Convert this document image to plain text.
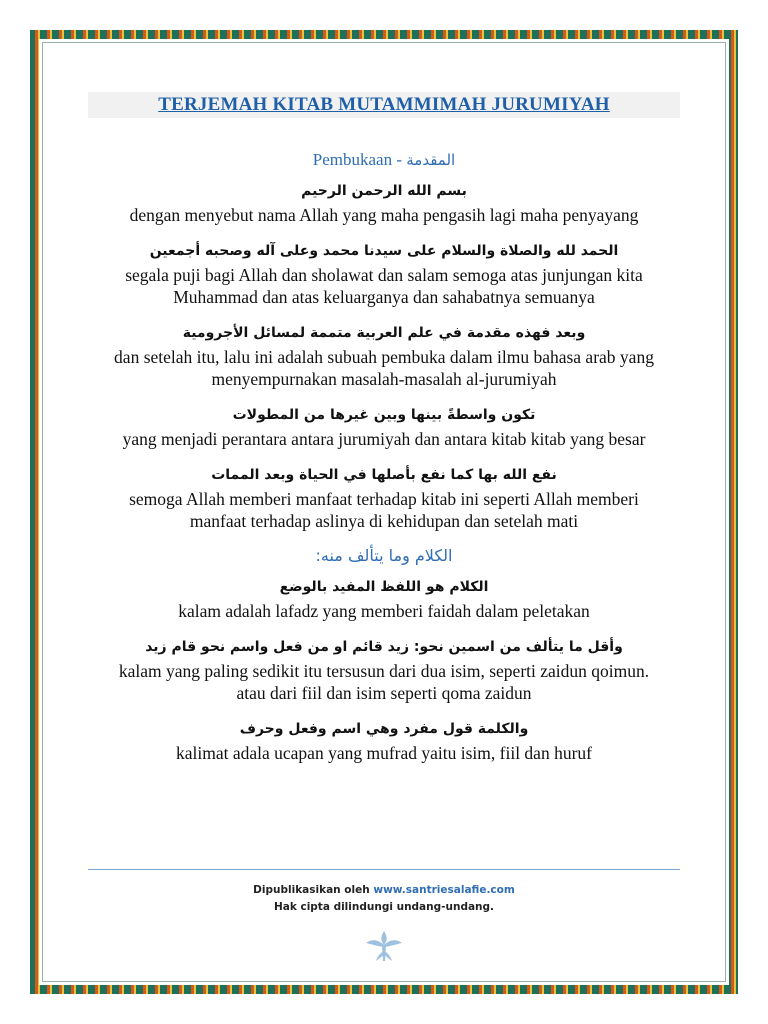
TERJEMAH KITAB MUTAMMIMAH JURUMIYAH
Pembukaan - المقدمة
بسم الله الرحمن الرحيم
dengan menyebut nama Allah yang maha pengasih lagi maha penyayang
الحمد لله والصلاة والسلام على سيدنا محمد وعلى آله وصحبه أجمعين
segala puji bagi Allah dan sholawat dan salam semoga atas junjungan kita
Muhammad dan atas keluarganya dan sahabatnya semuanya
وبعد فهذه مقدمة في علم العربية متممة لمسائل الأجرومية
dan setelah itu, lalu ini adalah subuah pembuka dalam ilmu bahasa arab yang
menyempurnakan masalah-masalah al-jurumiyah
تكون واسطةً بينها وبين غيرها من المطولات
yang menjadi perantara antara jurumiyah dan antara kitab kitab yang besar
نفع الله بها كما نفع بأصلها في الحياة وبعد الممات
semoga Allah memberi manfaat terhadap kitab ini seperti Allah memberi
manfaat terhadap aslinya di kehidupan dan setelah mati
الكلام وما يتألف منه:
الكلام هو اللفظ المفيد بالوضع
kalam adalah lafadz yang memberi faidah dalam peletakan
وأقل ما يتألف من اسمين نحو: زيد قائم او من فعل واسم نحو قام زيد
kalam yang paling sedikit itu tersusun dari dua isim, seperti zaidun qoimun.
atau dari fiil dan isim seperti qoma zaidun
والكلمة قول مفرد وهي اسم وفعل وحرف
kalimat adala ucapan yang mufrad yaitu isim, fiil dan huruf
Dipublikasikan oleh www.santriesalafie.com
Hak cipta dilindungi undang-undang.
